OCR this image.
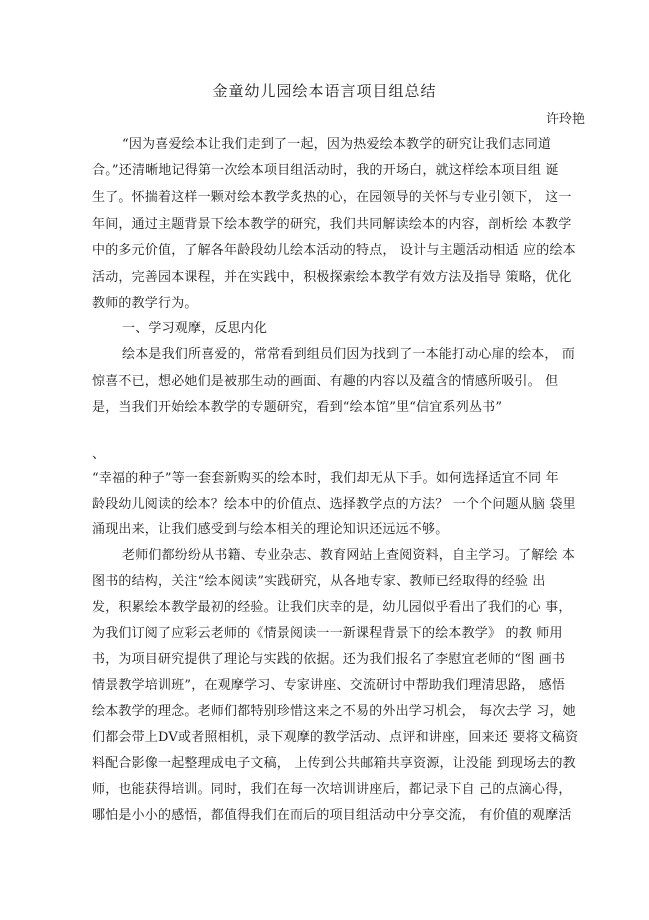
金童幼儿园绘本语言项目组总结
许玲艳
“因为喜爱绘本让我们走到了一起，因为热爱绘本教学的研究让我们志同道
合。”还清晰地记得第一次绘本项目组活动时，我的开场白，就这样绘本项目组 诞
生了。怀揣着这样一颗对绘本教学炙热的心，在园领导的关怀与专业引领下， 这一
年间，通过主题背景下绘本教学的研究，我们共同解读绘本的内容，剖析绘 本教学
中的多元价值，了解各年龄段幼儿绘本活动的特点， 设计与主题活动相适 应的绘本
活动，完善园本课程，并在实践中，积极探索绘本教学有效方法及指导 策略，优化
教师的教学行为。
一、学习观摩，反思内化
绘本是我们所喜爱的，常常看到组员们因为找到了一本能打动心扉的绘本， 而
惊喜不已，想必她们是被那生动的画面、有趣的内容以及蕴含的情感所吸引。 但
是，当我们开始绘本教学的专题研究，看到“绘本馆”里“信宜系列丛书”
、
“幸福的种子”等一套套新购买的绘本时，我们却无从下手。如何选择适宜不同 年
龄段幼儿阅读的绘本？绘本中的价值点、选择教学点的方法？ 一个个问题从脑 袋里
涌现出来，让我们感受到与绘本相关的理论知识还远远不够。
老师们都纷纷从书籍、专业杂志、教育网站上查阅资料，自主学习。了解绘 本
图书的结构，关注“绘本阅读”实践研究，从各地专家、教师已经取得的经验 出
发，积累绘本教学最初的经验。让我们庆幸的是，幼儿园似乎看出了我们的心 事，
为我们订阅了应彩云老师的《情景阅读一一新课程背景下的绘本教学》 的教 师用
书，为项目研究提供了理论与实践的依据。还为我们报名了李慰宜老师的“图 画书
情景教学培训班”，在观摩学习、专家讲座、交流研讨中帮助我们理清思路， 感悟
绘本教学的理念。老师们都特别珍惜这来之不易的外出学习机会， 每次去学 习，她
们都会带上DV或者照相机，录下观摩的教学活动、点评和讲座，回来还 要将文稿资
料配合影像一起整理成电子文稿， 上传到公共邮箱共享资源，让没能 到现场去的教
师，也能获得培训。同时，我们在每一次培训讲座后，都记录下自 己的点滴心得，
哪怕是小小的感悟，都值得我们在而后的项目组活动中分享交流， 有价值的观摩活
